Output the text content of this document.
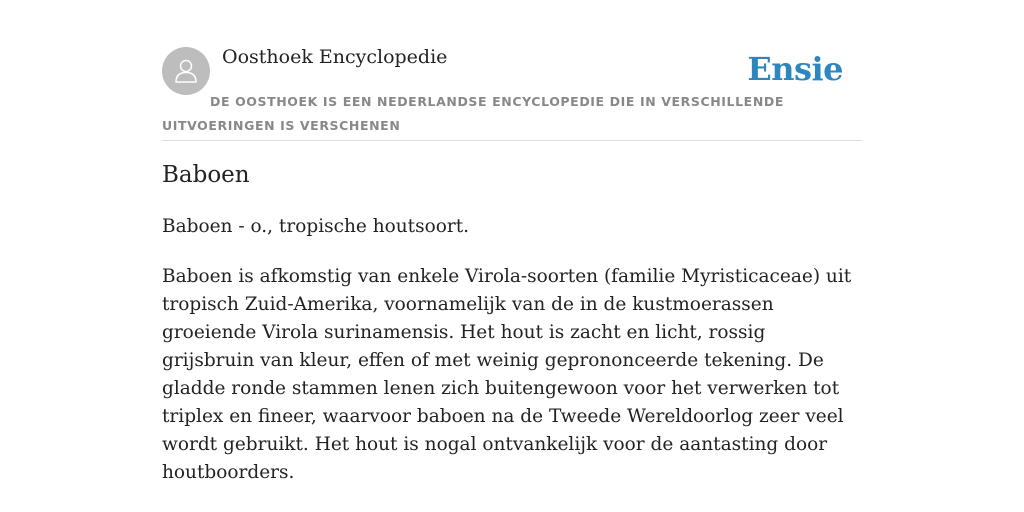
Oosthoek Encyclopedie	Ensie
DE OOSTHOEK IS EEN NEDERLANDSE ENCYCLOPEDIE DIE IN VERSCHILLENDE UITVOERINGEN IS VERSCHENEN
Baboen

Baboen - o., tropische houtsoort.

Baboen is afkomstig van enkele Virola-soorten (familie Myristicaceae) uit tropisch Zuid-Amerika, voornamelijk van de in de kustmoerassen groeiende Virola surinamensis. Het hout is zacht en licht, rossig grijsbruin van kleur, effen of met weinig geprononceerde tekening. De gladde ronde stammen lenen zich buitengewoon voor het verwerken tot triplex en fineer, waarvoor baboen na de Tweede Wereldoorlog zeer veel wordt gebruikt. Het hout is nogal ontvankelijk voor de aantasting door houtboorders.
